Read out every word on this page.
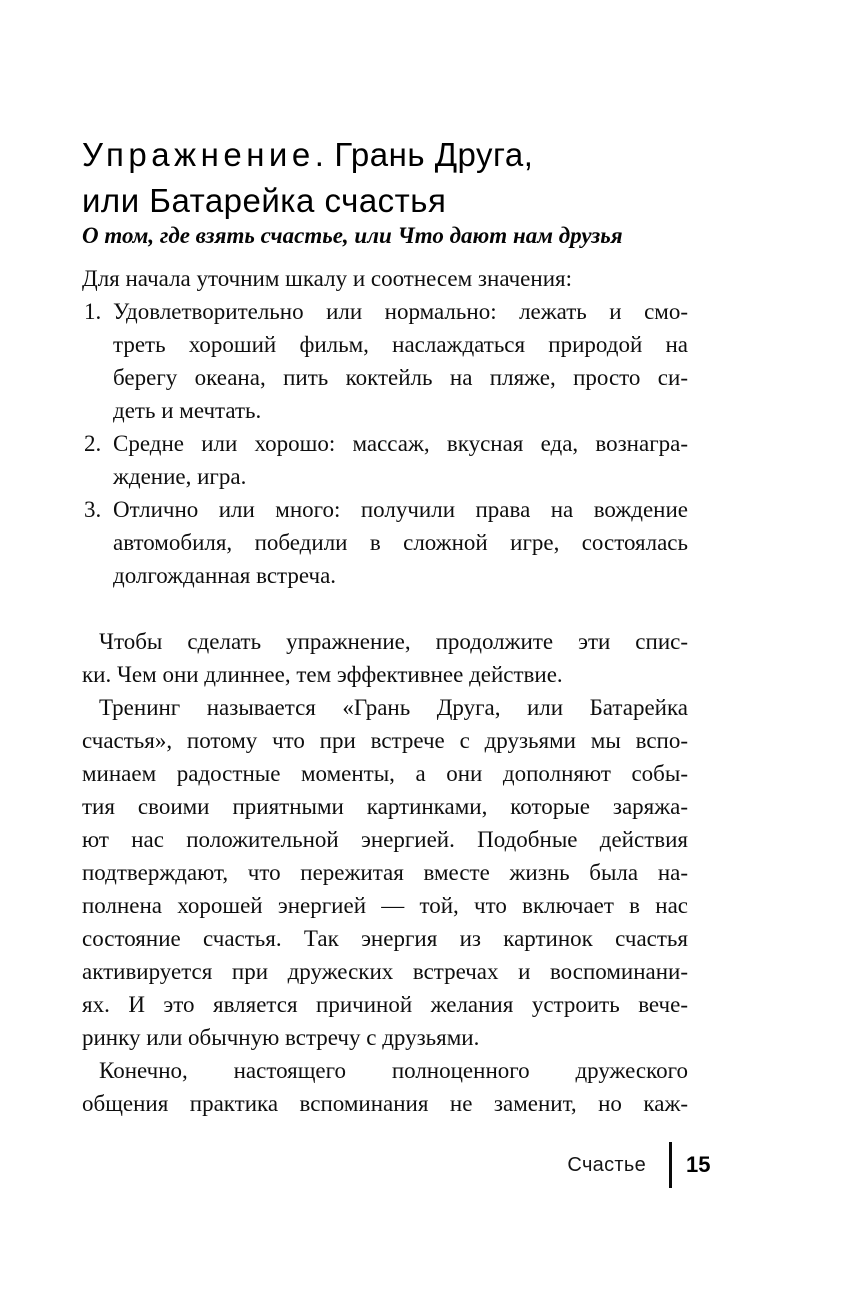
Упражнение. Грань Друга,
или Батарейка счастья

О том, где взять счастье, или Что дают нам друзья

Для начала уточним шкалу и соотнесем значения:

1. Удовлетворительно или нормально: лежать и смо-
треть хороший фильм, наслаждаться природой на
берегу океана, пить коктейль на пляже, просто си-
деть и мечтать.
2. Средне или хорошо: массаж, вкусная еда, вознагра-
ждение, игра.
3. Отлично или много: получили права на вождение
автомобиля, победили в сложной игре, состоялась
долгожданная встреча.

Чтобы сделать упражнение, продолжите эти спис-
ки. Чем они длиннее, тем эффективнее действие.

Тренинг называется «Грань Друга, или Батарейка
счастья», потому что при встрече с друзьями мы вспо-
минаем радостные моменты, а они дополняют собы-
тия своими приятными картинками, которые заряжа-
ют нас положительной энергией. Подобные действия
подтверждают, что пережитая вместе жизнь была на-
полнена хорошей энергией — той, что включает в нас
состояние счастья. Так энергия из картинок счастья
активируется при дружеских встречах и воспоминани-
ях. И это является причиной желания устроить вече-
ринку или обычную встречу с друзьями.

Конечно, настоящего полноценного дружеского
общения практика вспоминания не заменит, но каж-

Счастье 15
